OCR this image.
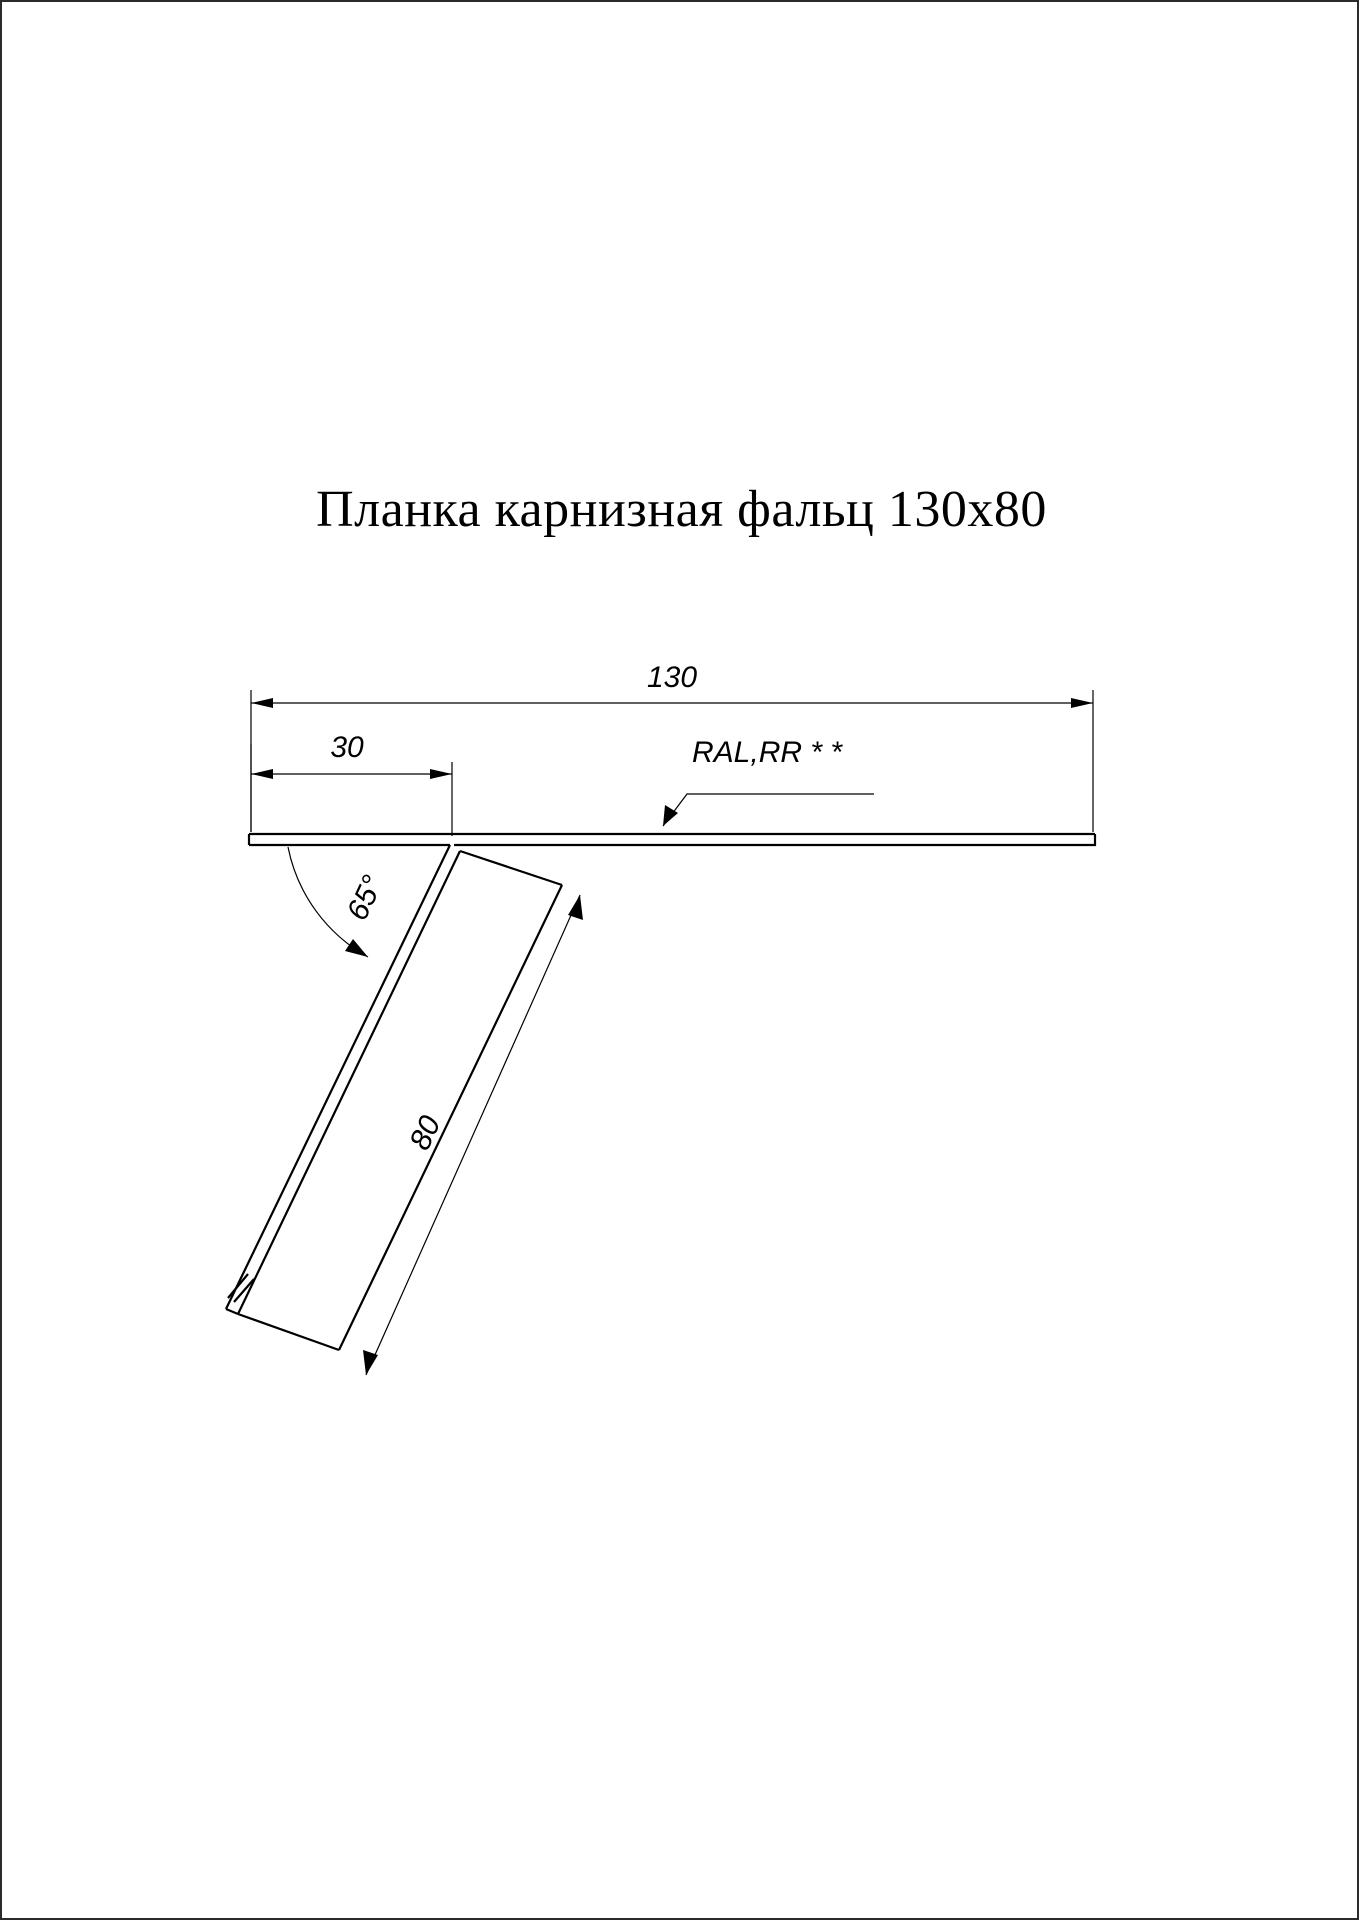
Планка карнизная фальц 130x80
130
30
65°
80
RAL,RR * *
